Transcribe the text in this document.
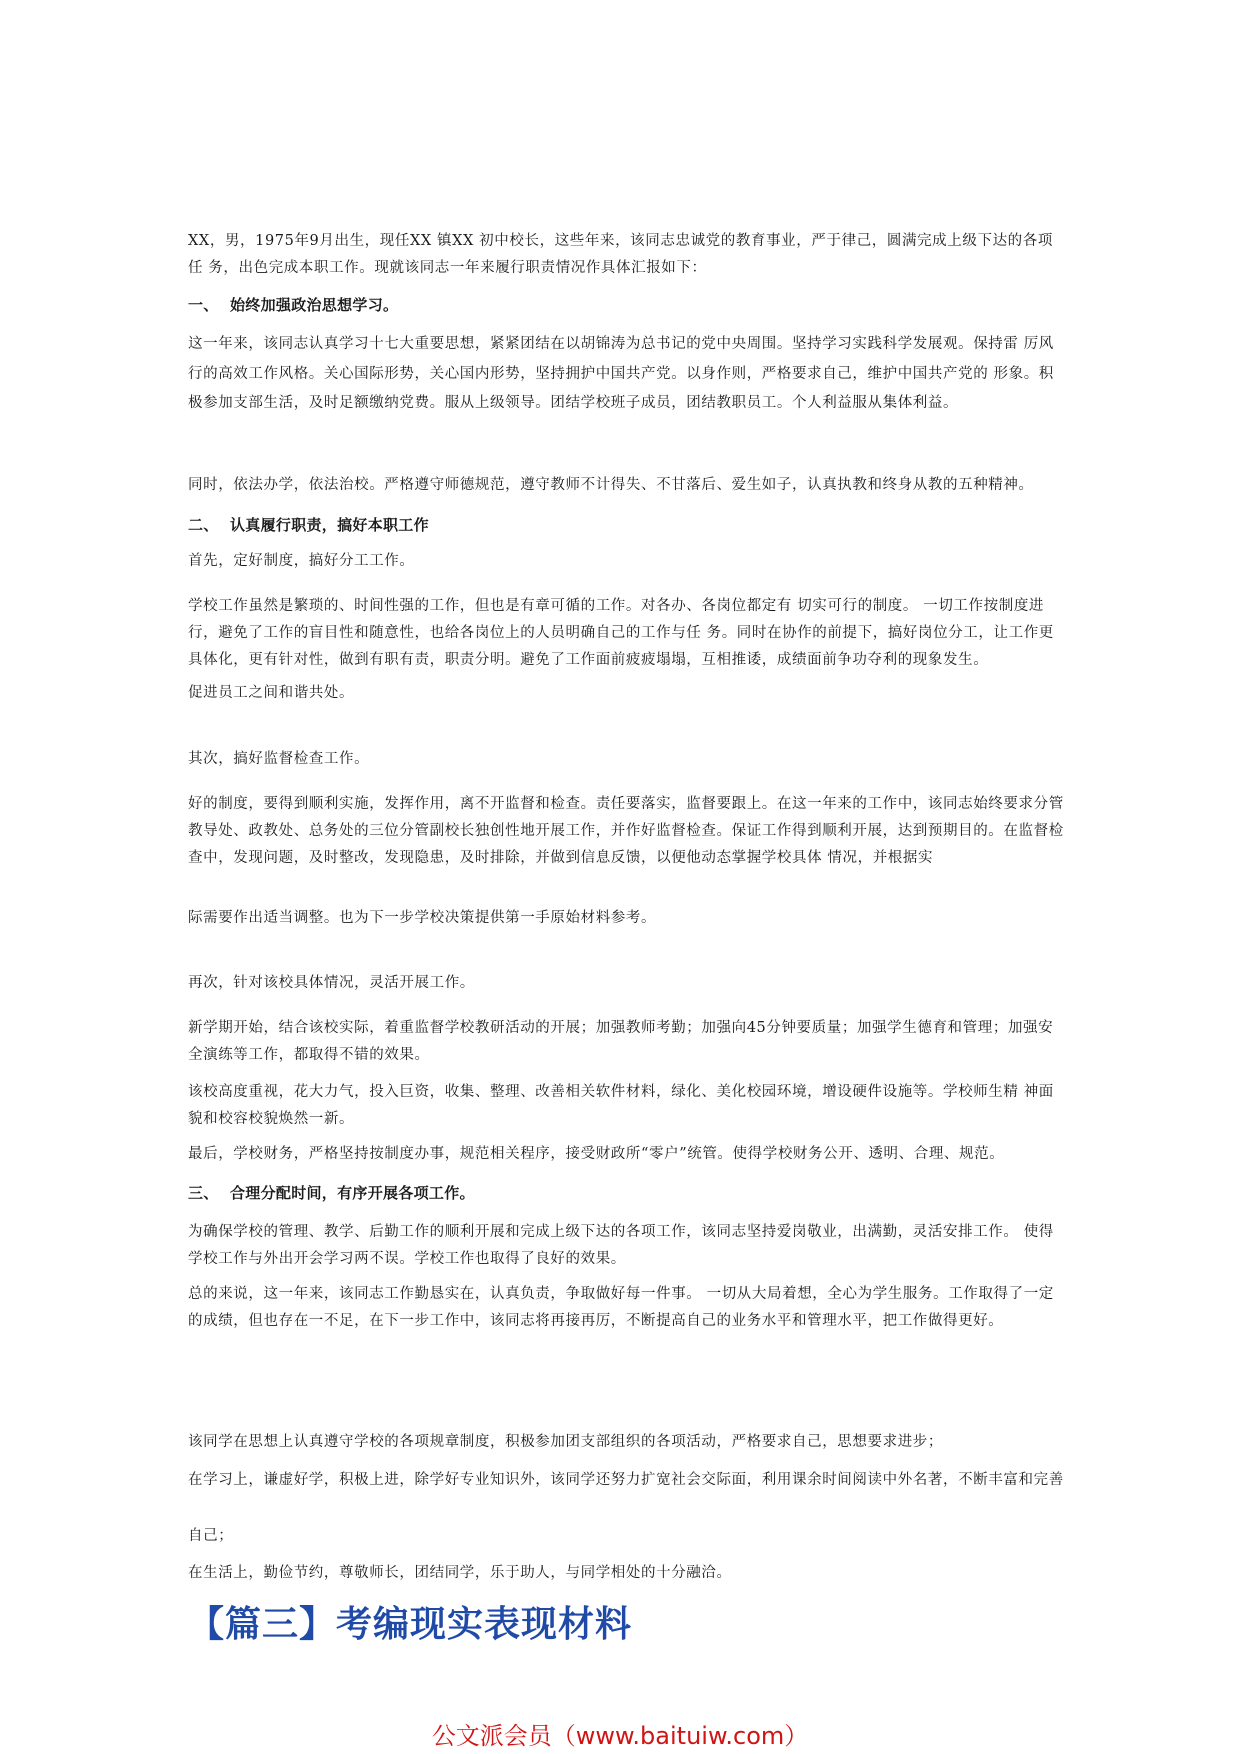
XX，男，1975年9月出生，现任XX 镇XX 初中校长，这些年来，该同志忠诚党的教育事业，严于律己，圆满完成上级下达的各项任 务，出色完成本职工作。现就该同志一年来履行职责情况作具体汇报如下：

一、 始终加强政治思想学习。

这一年来，该同志认真学习十七大重要思想，紧紧团结在以胡锦涛为总书记的党中央周围。坚持学习实践科学发展观。保持雷 厉风行的高效工作风格。关心国际形势，关心国内形势，坚持拥护中国共产党。以身作则，严格要求自己，维护中国共产党的 形象。积极参加支部生活，及时足额缴纳党费。服从上级领导。团结学校班子成员，团结教职员工。个人利益服从集体利益。

同时，依法办学，依法治校。严格遵守师德规范，遵守教师不计得失、不甘落后、爱生如子，认真执教和终身从教的五种精神。

二、 认真履行职责，搞好本职工作

首先，定好制度，搞好分工工作。

学校工作虽然是繁琐的、时间性强的工作，但也是有章可循的工作。对各办、各岗位都定有 切实可行的制度。 一切工作按制度进行，避免了工作的盲目性和随意性，也给各岗位上的人员明确自己的工作与任 务。同时在协作的前提下，搞好岗位分工，让工作更具体化，更有针对性，做到有职有责，职责分明。避免了工作面前疲疲塌塌，互相推诿，成绩面前争功夺利的现象发生。

促进员工之间和谐共处。

其次，搞好监督检查工作。

好的制度，要得到顺利实施，发挥作用，离不开监督和检查。责任要落实，监督要跟上。在这一年来的工作中，该同志始终要求分管教导处、政教处、总务处的三位分管副校长独创性地开展工作，并作好监督检查。保证工作得到顺利开展，达到预期目的。在监督检查中，发现问题，及时整改，发现隐患，及时排除，并做到信息反馈，以便他动态掌握学校具体 情况，并根据实

际需要作出适当调整。也为下一步学校决策提供第一手原始材料参考。

再次，针对该校具体情况，灵活开展工作。

新学期开始，结合该校实际，着重监督学校教研活动的开展；加强教师考勤；加强向45分钟要质量；加强学生德育和管理；加强安 全演练等工作，都取得不错的效果。

该校高度重视，花大力气，投入巨资，收集、整理、改善相关软件材料，绿化、美化校园环境，增设硬件设施等。学校师生精 神面貌和校容校貌焕然一新。

最后，学校财务，严格坚持按制度办事，规范相关程序，接受财政所“零户”统管。使得学校财务公开、透明、合理、规范。

三、 合理分配时间，有序开展各项工作。

为确保学校的管理、教学、后勤工作的顺利开展和完成上级下达的各项工作，该同志坚持爱岗敬业，出满勤，灵活安排工作。 使得学校工作与外出开会学习两不误。学校工作也取得了良好的效果。

总的来说，这一年来，该同志工作勤恳实在，认真负责，争取做好每一件事。 一切从大局着想，全心为学生服务。工作取得了一定的成绩，但也存在一不足，在下一步工作中，该同志将再接再厉，不断提高自己的业务水平和管理水平，把工作做得更好。

该同学在思想上认真遵守学校的各项规章制度，积极参加团支部组织的各项活动，严格要求自己，思想要求进步；

在学习上，谦虚好学，积极上进，除学好专业知识外，该同学还努力扩宽社会交际面，利用课余时间阅读中外名著，不断丰富和完善

自己；

在生活上，勤俭节约，尊敬师长，团结同学，乐于助人，与同学相处的十分融洽。

【篇三】考编现实表现材料
公文派会员（www.baituiw.com）
